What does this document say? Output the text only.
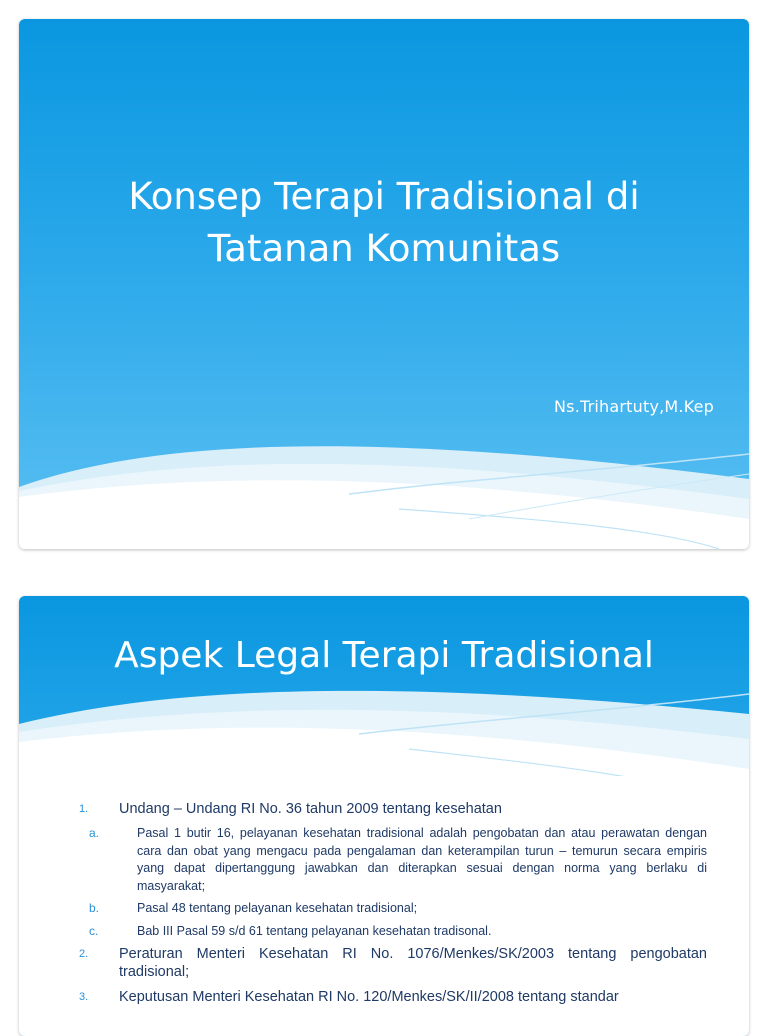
Konsep Terapi Tradisional di
Tatanan Komunitas
Ns.Trihartuty,M.Kep
Aspek Legal Terapi Tradisional
1. Undang – Undang RI No. 36 tahun 2009 tentang kesehatan
a.	Pasal 1 butir 16, pelayanan kesehatan tradisional adalah pengobatan dan atau perawatan dengan cara dan obat yang mengacu pada pengalaman dan keterampilan turun – temurun secara empiris yang dapat dipertanggung jawabkan dan diterapkan sesuai dengan norma yang berlaku di masyarakat;
b.	Pasal 48 tentang pelayanan kesehatan tradisional;
c.	Bab III Pasal 59 s/d 61 tentang pelayanan kesehatan tradisonal.
2. Peraturan Menteri Kesehatan RI No. 1076/Menkes/SK/2003 tentang pengobatan tradisional;
3. Keputusan Menteri Kesehatan RI No. 120/Menkes/SK/II/2008 tentang standar
